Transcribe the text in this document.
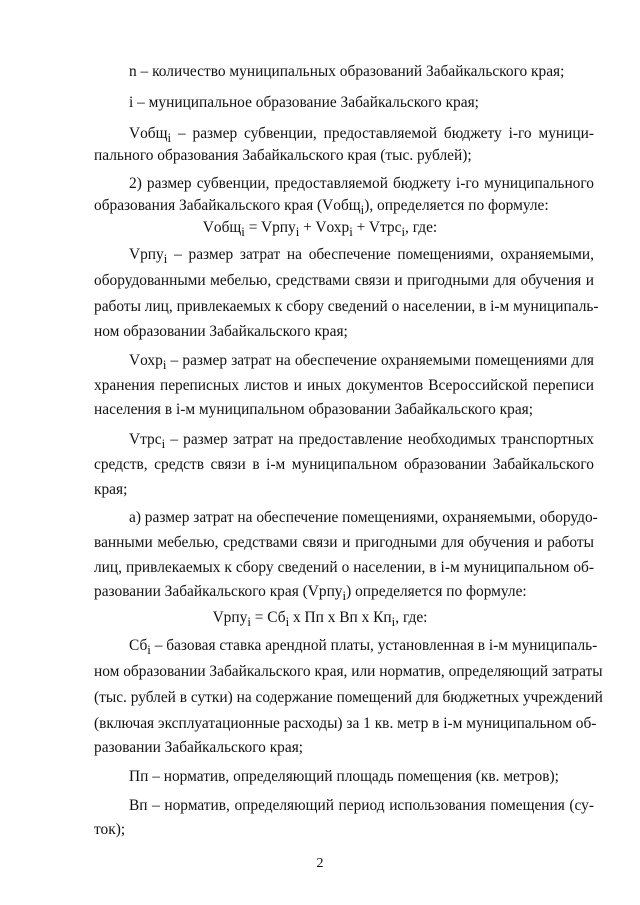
n – количество муниципальных образований Забайкальского края;
i – муниципальное образование Забайкальского края;
Vобщ$_i$ – размер субвенции, предоставляемой бюджету i-го муници-
пального образования Забайкальского края (тыс. рублей);
2) размер субвенции, предоставляемой бюджету i-го муниципального
образования Забайкальского края (Vобщ$_i$), определяется по формуле:
Vобщ$_i$ = Vрпу$_i$ + Vохр$_i$ + Vтрс$_i$, где:
Vрпу$_i$ – размер затрат на обеспечение помещениями, охраняемыми,
оборудованными мебелью, средствами связи и пригодными для обучения и
работы лиц, привлекаемых к сбору сведений о населении, в i-м муниципаль-
ном образовании Забайкальского края;
Vохр$_i$ – размер затрат на обеспечение охраняемыми помещениями для
хранения переписных листов и иных документов Всероссийской переписи
населения в i-м муниципальном образовании Забайкальского края;
Vтрс$_i$ – размер затрат на предоставление необходимых транспортных
средств, средств связи в i-м муниципальном образовании Забайкальского
края;
а) размер затрат на обеспечение помещениями, охраняемыми, оборудо-
ванными мебелью, средствами связи и пригодными для обучения и работы
лиц, привлекаемых к сбору сведений о населении, в i-м муниципальном об-
разовании Забайкальского края (Vрпу$_i$) определяется по формуле:
Vрпу$_i$ = $Сб_i$ х Пп х Вп х $Кп_i$, где:
$Сб_i$ – базовая ставка арендной платы, установленная в i-м муниципаль-
ном образовании Забайкальского края, или норматив, определяющий затраты
(тыс. рублей в сутки) на содержание помещений для бюджетных учреждений
(включая эксплуатационные расходы) за 1 кв. метр в i-м муниципальном об-
разовании Забайкальского края;
Пп – норматив, определяющий площадь помещения (кв. метров);
Вп – норматив, определяющий период использования помещения (су-
ток);
2
